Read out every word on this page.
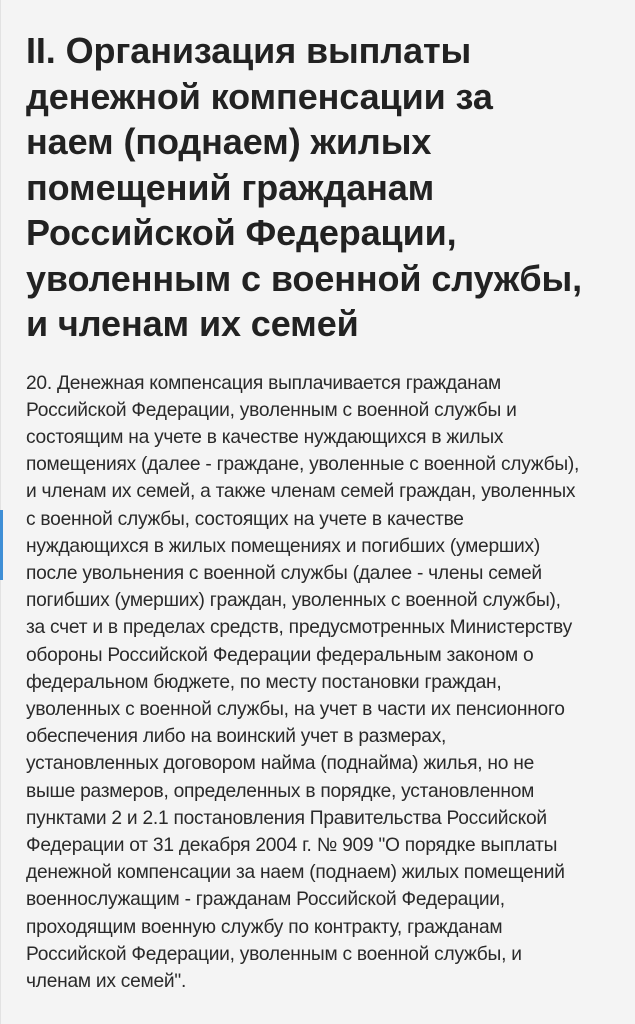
II. Организация выплаты
денежной компенсации за
наем (поднаем) жилых
помещений гражданам
Российской Федерации,
уволенным с военной службы,
и членам их семей

20. Денежная компенсация выплачивается гражданам
Российской Федерации, уволенным с военной службы и
состоящим на учете в качестве нуждающихся в жилых
помещениях (далее - граждане, уволенные с военной службы),
и членам их семей, а также членам семей граждан, уволенных
с военной службы, состоящих на учете в качестве
нуждающихся в жилых помещениях и погибших (умерших)
после увольнения с военной службы (далее - члены семей
погибших (умерших) граждан, уволенных с военной службы),
за счет и в пределах средств, предусмотренных Министерству
обороны Российской Федерации федеральным законом о
федеральном бюджете, по месту постановки граждан,
уволенных с военной службы, на учет в части их пенсионного
обеспечения либо на воинский учет в размерах,
установленных договором найма (поднайма) жилья, но не
выше размеров, определенных в порядке, установленном
пунктами 2 и 2.1 постановления Правительства Российской
Федерации от 31 декабря 2004 г. № 909 "О порядке выплаты
денежной компенсации за наем (поднаем) жилых помещений
военнослужащим - гражданам Российской Федерации,
проходящим военную службу по контракту, гражданам
Российской Федерации, уволенным с военной службы, и
членам их семей".
